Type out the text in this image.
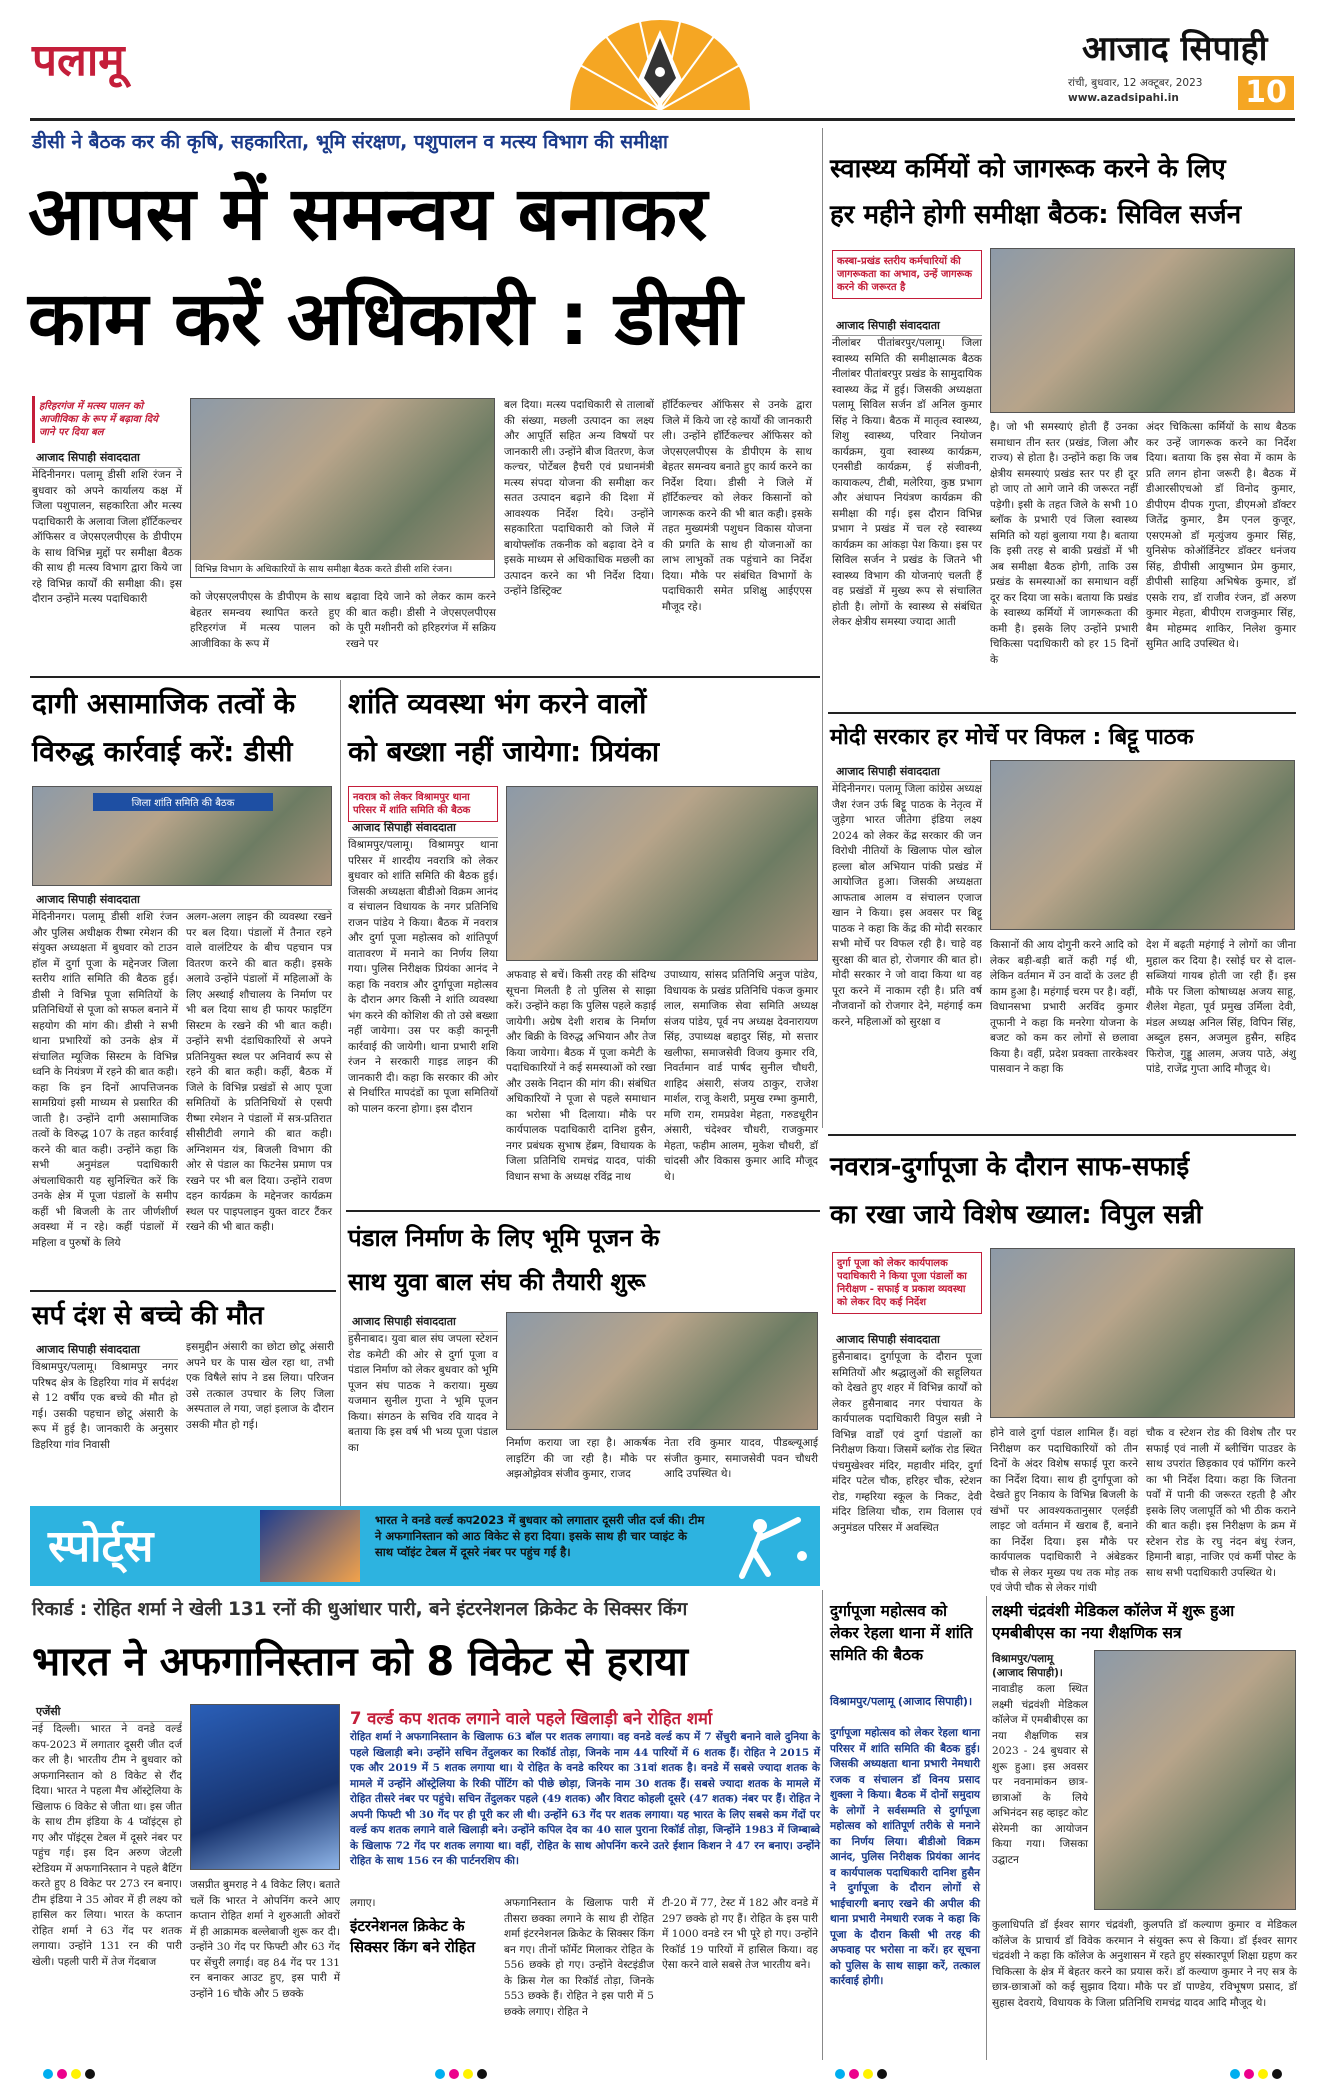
पलामू	आजाद सिपाही
रांची, बुधवार, 12 अक्टूबर, 2023
www.azadsipahi.in 10
डीसी ने बैठक कर की कृषि, सहकारिता, भूमि संरक्षण, पशुपालन व मत्स्य विभाग की समीक्षा
आपस में समन्वय बनाकर
काम करें अधिकारी : डीसी
हरिहरगंज में मत्स्य पालन को आजीविका के रूप में बढ़ावा दिये जाने पर दिया बल
आजाद सिपाही संवाददाता
मेदिनीनगर। पलामू डीसी शशि रंजन ने बुधवार को अपने कार्यालय कक्ष में जिला पशुपालन, सहकारिता और मत्स्य पदाधिकारी के अलावा जिला हॉर्टिकल्चर ऑफिसर व जेएसएलपीएस के डीपीएम के साथ विभिन्न मुद्दों पर समीक्षा बैठक की साथ ही मत्स्य विभाग द्वारा किये जा रहे विभिन्न कार्यों की समीक्षा की। इस दौरान उन्होंने मत्स्य पदाधिकारी
विभिन्न विभाग के अधिकारियों के साथ समीक्षा बैठक करते डीसी शशि रंजन।
को जेएसएलपीएस के डीपीएम के साथ बेहतर समन्वय स्थापित करते हुए हरिहरगंज में मत्स्य पालन को आजीविका के रूप में
बढ़ावा दिये जाने को लेकर काम करने की बात कही। डीसी ने जेएसएलपीएस के पूरी मशीनरी को हरिहरगंज में सक्रिय रखने पर
बल दिया। मत्स्य पदाधिकारी से तालाबों की संख्या, मछली उत्पादन का लक्ष्य और आपूर्ति सहित अन्य विषयों पर जानकारी ली। उन्होंने बीज वितरण, केज कल्चर, पोर्टेबल हैचरी एवं प्रधानमंत्री मत्स्य संपदा योजना की समीक्षा कर सतत उत्पादन बढ़ाने की दिशा में आवश्यक निर्देश दिये। उन्होंने सहकारिता पदाधिकारी को जिले में बायोफ्लॉक तकनीक को बढ़ावा देने व इसके माध्यम से अधिकाधिक मछली का उत्पादन करने का भी निर्देश दिया। उन्होंने डिस्ट्रिक्ट
हॉर्टिकल्चर ऑफिसर से उनके द्वारा जिले में किये जा रहे कार्यों की जानकारी ली। उन्होंने हॉर्टिकल्चर ऑफिसर को जेएसएलपीएस के डीपीएम के साथ बेहतर समन्वय बनाते हुए कार्य करने का निर्देश दिया। डीसी ने जिले में हॉर्टिकल्चर को लेकर किसानों को जागरूक करने की भी बात कही। इसके तहत मुख्यमंत्री पशुधन विकास योजना की प्रगति के साथ ही योजनाओं का लाभ लाभुकों तक पहुंचाने का निर्देश दिया। मौके पर संबंधित विभागों के पदाधिकारी समेत प्रशिक्षु आईएएस मौजूद रहे।
स्वास्थ्य कर्मियों को जागरूक करने के लिए
हर महीने होगी समीक्षा बैठक: सिविल सर्जन
कस्बा-प्रखंड स्तरीय कर्मचारियों की जागरूकता का अभाव, उन्हें जागरूक करने की जरूरत है
आजाद सिपाही संवाददाता
नीलांबर पीतांबरपुर/पलामू। जिला स्वास्थ्य समिति की समीक्षात्मक बैठक नीलांबर पीतांबरपुर प्रखंड के सामुदायिक स्वास्थ्य केंद्र में हुई। जिसकी अध्यक्षता पलामू सिविल सर्जन डॉ अनिल कुमार सिंह ने किया। बैठक में मातृत्व स्वास्थ्य, शिशु स्वास्थ्य, परिवार नियोजन कार्यक्रम, युवा स्वास्थ्य कार्यक्रम, एनसीडी कार्यक्रम, ई संजीवनी, कायाकल्प, टीबी, मलेरिया, कुष्ठ प्रभाग और अंधापन नियंत्रण कार्यक्रम की समीक्षा की गई। इस दौरान विभिन्न प्रभाग ने प्रखंड में चल रहे स्वास्थ्य कार्यक्रम का आंकड़ा पेश किया। इस पर सिविल सर्जन ने प्रखंड के जितने भी स्वास्थ्य विभाग की योजनाएं चलती हैं वह प्रखंडों में मुख्य रूप से संचालित होती है। लोगों के स्वास्थ्य से संबंधित लेकर क्षेत्रीय समस्या ज्यादा आती
है। जो भी समस्याएं होती हैं उनका समाधान तीन स्तर (प्रखंड, जिला और राज्य) से होता है। उन्होंने कहा कि जब क्षेत्रीय समस्याएं प्रखंड स्तर पर ही दूर हो जाए तो आगे जाने की जरूरत नहीं पड़ेगी। इसी के तहत जिले के सभी 10 ब्लॉक के प्रभारी एवं जिला स्वास्थ्य समिति को यहां बुलाया गया है। बताया कि इसी तरह से बाकी प्रखंडों में भी अब समीक्षा बैठक होगी, ताकि उस प्रखंड के समस्याओं का समाधान वहीं दूर कर दिया जा सके। बताया कि प्रखंड के स्वास्थ्य कर्मियों में जागरूकता की कमी है। इसके लिए उन्होंने प्रभारी चिकित्सा पदाधिकारी को हर 15 दिनों के
अंदर चिकित्सा कर्मियों के साथ बैठक कर उन्हें जागरूक करने का निर्देश दिया। बताया कि इस सेवा में काम के प्रति लगन होना जरूरी है। बैठक में डीआरसीएचओ डॉ विनोद कुमार, डीपीएम दीपक गुप्ता, डीएमओ डॉक्टर जितेंद्र कुमार, डैम एनल कुजूर, एसएमओ डॉ मृत्युंजय कुमार सिंह, युनिसेफ कोऑर्डिनेटर डॉक्टर धनंजय सिंह, डीपीसी आयुष्मान प्रेम कुमार, डीपीसी साहिया अभिषेक कुमार, डॉ एसके राय, डॉ राजीव रंजन, डॉ अरुण कुमार मेहता, बीपीएम राजकुमार सिंह, बैम मोहम्मद शाकिर, निलेश कुमार सुमित आदि उपस्थित थे।
मोदी सरकार हर मोर्चे पर विफल : बिट्टू पाठक
आजाद सिपाही संवाददाता
मेदिनीनगर। पलामू जिला कांग्रेस अध्यक्ष जैश रंजन उर्फ बिट्टू पाठक के नेतृत्व में जुड़ेगा भारत जीतेगा इंडिया लक्ष्य 2024 को लेकर केंद्र सरकार की जन विरोधी नीतियों के खिलाफ पोल खोल हल्ला बोल अभियान पांकी प्रखंड में आयोजित हुआ। जिसकी अध्यक्षता आफताब आलम व संचालन एजाज खान ने किया। इस अवसर पर बिट्टू पाठक ने कहा कि केंद्र की मोदी सरकार सभी मोर्चे पर विफल रही है। चाहे वह सुरक्षा की बात हो, रोजगार की बात हो। मोदी सरकार ने जो वादा किया था वह पूरा करने में नाकाम रही है। प्रति वर्ष नौजवानों को रोजगार देने, महंगाई कम करने, महिलाओं को सुरक्षा व
किसानों की आय दोगुनी करने आदि को लेकर बड़ी-बड़ी बातें कही गई थी, लेकिन वर्तमान में उन वादों के उलट ही काम हुआ है। महंगाई चरम पर है। वहीं, विधानसभा प्रभारी अरविंद कुमार तूफानी ने कहा कि मनरेगा योजना के बजट को कम कर लोगों से छलावा किया है। वहीं, प्रदेश प्रवक्ता तारकेश्वर पासवान ने कहा कि
देश में बढ़ती महंगाई ने लोगों का जीना मुहाल कर दिया है। रसोई घर से दाल-सब्जियां गायब होती जा रही हैं। इस मौके पर जिला कोषाध्यक्ष अजय साहू, शैलेश मेहता, पूर्व प्रमुख उर्मिला देवी, मंडल अध्यक्ष अनिल सिंह, विपिन सिंह, अब्दुल हसन, अजमुल हुसैन, सहिद फिरोज, गुड्डू आलम, अजय पाठे, अंशु पांडे, राजेंद्र गुप्ता आदि मौजूद थे।
नवरात्र-दुर्गापूजा के दौरान साफ-सफाई
का रखा जाये विशेष ख्याल: विपुल सन्नी
दुर्गा पूजा को लेकर कार्यपालक पदाधिकारी ने किया पूजा पंडालों का निरीक्षण - सफाई व प्रकाश व्यवस्था को लेकर दिए कई निर्देश
आजाद सिपाही संवाददाता
हुसैनाबाद। दुर्गापूजा के दौरान पूजा समितियों और श्रद्धालुओं की सहूलियत को देखते हुए शहर में विभिन्न कार्यों को लेकर हुसैनाबाद नगर पंचायत के कार्यपालक पदाधिकारी विपुल सन्नी ने विभिन्न वार्डों एवं दुर्गा पंडालों का निरीक्षण किया। जिसमें ब्लॉक रोड स्थित पंचमुखेश्वर मंदिर, महावीर मंदिर, दुर्गा मंदिर पटेल चौक, हरिहर चौक, स्टेशन रोड, गम्हरिया स्कूल के निकट, देवी मंदिर डिलिया चौक, राम विलास एवं अनुमंडल परिसर में अवस्थित
होने वाले दुर्गा पंडाल शामिल हैं। वहां निरीक्षण कर पदाधिकारियों को तीन दिनों के अंदर विशेष सफाई पूरा करने का निर्देश दिया। साथ ही दुर्गापूजा को देखते हुए निकाय के विभिन्न बिजली के खंभों पर आवश्यकतानुसार एलईडी लाइट जो वर्तमान में खराब हैं, बनाने का निर्देश दिया। इस मौके पर कार्यपालक पदाधिकारी ने अंबेडकर चौक से लेकर मुख्य पथ तक मोड़ तक एवं जेपी चौक से लेकर गांधी
चौक व स्टेशन रोड की विशेष तौर पर सफाई एवं नाली में ब्लीचिंग पाउडर के साथ उपरांत छिड़काव एवं फॉगिंग करने का भी निर्देश दिया। कहा कि जितना पर्वों में पानी की जरूरत रहती है और इसके लिए जलापूर्ति को भी ठीक कराने की बात कही। इस निरीक्षण के क्रम में स्टेशन रोड के रघु नंदन बंधु रंजन, हिमानी बाड़ा, नाजिर एवं कर्मी पोस्ट के साथ सभी पदाधिकारी उपस्थित थे।
दागी असामाजिक तत्वों के
विरुद्ध कार्रवाई करें: डीसी
जिला शांति समिति की बैठक
आजाद सिपाही संवाददाता
मेदिनीनगर। पलामू डीसी शशि रंजन और पुलिस अधीक्षक रीष्मा रमेशन की संयुक्त अध्यक्षता में बुधवार को टाउन हॉल में दुर्गा पूजा के मद्देनजर जिला स्तरीय शांति समिति की बैठक हुई। डीसी ने विभिन्न पूजा समितियों के प्रतिनिधियों से पूजा को सफल बनाने में सहयोग की मांग की। डीसी ने सभी थाना प्रभारियों को उनके क्षेत्र में संचालित म्यूजिक सिस्टम के विभिन्न ध्वनि के नियंत्रण में रहने की बात कही। कहा कि इन दिनों आपत्तिजनक सामग्रियां इसी माध्यम से प्रसारित की जाती है। उन्होंने दागी असामाजिक तत्वों के विरुद्ध 107 के तहत कार्रवाई करने की बात कही। उन्होंने कहा कि सभी अनुमंडल पदाधिकारी अंचलाधिकारी यह सुनिश्चित करें कि उनके क्षेत्र में पूजा पंडालों के समीप कहीं भी बिजली के तार जीर्णशीर्ण अवस्था में न रहे। कहीं पंडालों में महिला व पुरुषों के लिये
अलग-अलग लाइन की व्यवस्था रखने पर बल दिया। पंडालों में तैनात रहने वाले वालंटियर के बीच पहचान पत्र वितरण करने की बात कही। इसके अलावे उन्होंने पंडालों में महिलाओं के लिए अस्थाई शौचालय के निर्माण पर भी बल दिया साथ ही फायर फाइटिंग सिस्टम के रखने की भी बात कही। उन्होंने सभी दंडाधिकारियों से अपने प्रतिनियुक्त स्थल पर अनिवार्य रूप से रहने की बात कही। कहीं, बैठक में जिले के विभिन्न प्रखंडों से आए पूजा समितियों के प्रतिनिधियों से एसपी रीष्मा रमेशन ने पंडालों में सत्र-प्रतिरात सीसीटीवी लगाने की बात कही। अग्निशमन यंत्र, बिजली विभाग की ओर से पंडाल का फिटनेस प्रमाण पत्र रखने पर भी बल दिया। उन्होंने रावण दहन कार्यक्रम के मद्देनजर कार्यक्रम स्थल पर पाइपलाइन युक्त वाटर टैंकर रखने की भी बात कही।
शांति व्यवस्था भंग करने वालों
को बख्शा नहीं जायेगा: प्रियंका
नवरात्र को लेकर विश्रामपुर थाना परिसर में शांति समिति की बैठक
आजाद सिपाही संवाददाता
विश्रामपुर/पलामू। विश्रामपुर थाना परिसर में शारदीय नवरात्रि को लेकर बुधवार को शांति समिति की बैठक हुई। जिसकी अध्यक्षता बीडीओ विक्रम आनंद व संचालन विधायक के नगर प्रतिनिधि राजन पांडेय ने किया। बैठक में नवरात्र और दुर्गा पूजा महोत्सव को शांतिपूर्ण वातावरण में मनाने का निर्णय लिया गया। पुलिस निरीक्षक प्रियंका आनंद ने कहा कि नवरात्र और दुर्गापूजा महोत्सव के दौरान अगर किसी ने शांति व्यवस्था भंग करने की कोशिश की तो उसे बख्शा नहीं जायेगा। उस पर कड़ी कानूनी कार्रवाई की जायेगी। थाना प्रभारी शशि रंजन ने सरकारी गाइड लाइन की जानकारी दी। कहा कि सरकार की ओर से निर्धारित मापदंडों का पूजा समितियों को पालन करना होगा। इस दौरान
अफवाह से बचें। किसी तरह की संदिग्ध सूचना मिलती है तो पुलिस से साझा करें। उन्होंने कहा कि पुलिस पहले कड़ाई जायेगी। अग्रेष देशी शराब के निर्माण और बिक्री के विरुद्ध अभियान और तेज किया जायेगा। बैठक में पूजा कमेटी के पदाधिकारियों ने कई समस्याओं को रखा और उसके निदान की मांग की। संबंधित अधिकारियों ने पूजा से पहले समाधान का भरोसा भी दिलाया। मौके पर कार्यपालक पदाधिकारी दानिश हुसैन, नगर प्रबंधक सुभाष हेंब्रम, विधायक के जिला प्रतिनिधि रामचंद्र यादव, पांकी विधान सभा के अध्यक्ष रविंद्र नाथ
उपाध्याय, सांसद प्रतिनिधि अनुज पांडेय, विधायक के प्रखंड प्रतिनिधि पंकज कुमार लाल, समाजिक सेवा समिति अध्यक्ष संजय पांडेय, पूर्व नप अध्यक्ष देवनारायण सिंह, उपाध्यक्ष बहादुर सिंह, मो सत्तार खलीफा, समाजसेवी विजय कुमार रवि, निवर्तमान वार्ड पार्षद सुनील चौधरी, शाहिद अंसारी, संजय ठाकुर, राजेश मार्शल, राजू केशरी, प्रमुख रम्भा कुमारी, मणि राम, रामप्रवेश मेहता, गरुडधूरीन अंसारी, चंदेश्वर चौधरी, राजकुमार मेहता, फहीम आलम, मुकेश चौधरी, डॉ चांदसी और विकास कुमार आदि मौजूद थे।
पंडाल निर्माण के लिए भूमि पूजन के
साथ युवा बाल संघ की तैयारी शुरू
आजाद सिपाही संवाददाता
हुसैनाबाद। युवा बाल संघ जपला स्टेशन रोड कमेटी की ओर से दुर्गा पूजा व पंडाल निर्माण को लेकर बुधवार को भूमि पूजन संघ पाठक ने कराया। मुख्य यजमान सुनील गुप्ता ने भूमि पूजन किया। संगठन के सचिव रवि यादव ने बताया कि इस वर्ष भी भव्य पूजा पंडाल का	निर्माण कराया जा रहा है। आकर्षक लाइटिंग की जा रही है। मौके पर अझओझ़ेवत्र संजीव कुमार, राजद
नेता रवि कुमार यादव, पीडब्ल्यूआई संजीत कुमार, समाजसेवी पवन चौधरी आदि उपस्थित थे।
सर्प दंश से बच्चे की मौत
आजाद सिपाही संवाददाता
विश्रामपुर/पलामू। विश्रामपुर नगर परिषद क्षेत्र के डिहरिया गांव में सर्पदंश से 12 वर्षीय एक बच्चे की मौत हो गई। उसकी पहचान छोटू अंसारी के रूप में हुई है। जानकारी के अनुसार डिहरिया गांव निवासी
इसमुद्दीन अंसारी का छोटा छोटू अंसारी अपने घर के पास खेल रहा था, तभी एक विषैले सांप ने डस लिया। परिजन उसे तत्काल उपचार के लिए जिला अस्पताल ले गया, जहां इलाज के दौरान उसकी मौत हो गई।
स्पोर्ट्स
भारत ने वनडे वर्ल्ड कप2023 में बुधवार को लगातार दूसरी जीत दर्ज की। टीम ने अफगानिस्तान को आठ विकेट से हरा दिया। इसके साथ ही चार प्वाइंट के साथ प्वॉइंट टेबल में दूसरे नंबर पर पहुंच गई है।
रिकार्ड : रोहित शर्मा ने खेली 131 रनों की धुआंधार पारी, बने इंटरनेशनल क्रिकेट के सिक्सर किंग
भारत ने अफगानिस्तान को 8 विकेट से हराया
एजेंसी
नई दिल्ली। भारत ने वनडे वर्ल्ड कप-2023 में लगातार दूसरी जीत दर्ज कर ली है। भारतीय टीम ने बुधवार को अफगानिस्तान को 8 विकेट से रौंद दिया। भारत ने पहला मैच ऑस्ट्रेलिया के खिलाफ 6 विकेट से जीता था। इस जीत के साथ टीम इंडिया के 4 प्वॉइंट्स हो गए और पॉइंट्स टेबल में दूसरे नंबर पर पहुंच गई। इस दिन अरुण जेटली स्टेडियम में अफगानिस्तान ने पहले बैटिंग करते हुए 8 विकेट पर 273 रन बनाए। टीम इंडिया ने 35 ओवर में ही लक्ष्य को हासिल कर लिया। भारत के कप्तान रोहित शर्मा ने 63 गेंद पर शतक लगाया। उन्होंने 131 रन की पारी खेली। पहली पारी में तेज गेंदबाज
जसप्रीत बुमराह ने 4 विकेट लिए। बताते चलें कि भारत ने ओपनिंग करने आए कप्तान रोहित शर्मा ने शुरुआती ओवरों में ही आक्रामक बल्लेबाजी शुरू कर दी। उन्होंने 30 गेंद पर फिफ्टी और 63 गेंद पर सेंचुरी लगाई। वह 84 गेंद पर 131 रन बनाकर आउट हुए, इस पारी में उन्होंने 16 चौके और 5 छक्के
7 वर्ल्ड कप शतक लगाने वाले पहले खिलाड़ी बने रोहित शर्मा
रोहित शर्मा ने अफगानिस्तान के खिलाफ 63 बॉल पर शतक लगाया। वह वनडे वर्ल्ड कप में 7 सेंचुरी बनाने वाले दुनिया के पहले खिलाड़ी बने। उन्होंने सचिन तेंदुलकर का रिकॉर्ड तोड़ा, जिनके नाम 44 पारियों में 6 शतक हैं। रोहित ने 2015 में एक और 2019 में 5 शतक लगाया था। ये रोहित के वनडे करियर का 31वां शतक है। वनडे में सबसे ज्यादा शतक के मामले में उन्होंने ऑस्ट्रेलिया के रिकी पोंटिंग को पीछे छोड़ा, जिनके नाम 30 शतक हैं। सबसे ज्यादा शतक के मामले में रोहित तीसरे नंबर पर पहुंचे। सचिन तेंदुलकर पहले (49 शतक) और विराट कोहली दूसरे (47 शतक) नंबर पर हैं। रोहित ने अपनी फिफ्टी भी 30 गेंद पर ही पूरी कर ली थी। उन्होंने 63 गेंद पर शतक लगाया। यह भारत के लिए सबसे कम गेंदों पर वर्ल्ड कप शतक लगाने वाले खिलाड़ी बने। उन्होंने कपिल देव का 40 साल पुराना रिकॉर्ड तोड़ा, जिन्होंने 1983 में जिम्बाब्वे के खिलाफ 72 गेंद पर शतक लगाया था। वहीं, रोहित के साथ ओपनिंग करने उतरे ईशान किशन ने 47 रन बनाए। उन्होंने रोहित के साथ 156 रन की पार्टनरशिप की।
लगाए।
इंटरनेशनल क्रिकेट के सिक्सर किंग बने रोहित
अफगानिस्तान के खिलाफ पारी में तीसरा छक्का लगाने के साथ ही रोहित शर्मा इंटरनेशनल क्रिकेट के सिक्सर किंग बन गए। तीनों फॉर्मेट मिलाकर रोहित के 556 छक्के हो गए। उन्होंने वेस्टइंडीज के क्रिस गेल का रिकॉर्ड तोड़ा, जिनके 553 छक्के हैं। रोहित ने इस पारी में 5 छक्के लगाए। रोहित ने
टी-20 में 77, टेस्ट में 182 और वनडे में 297 छक्के हो गए हैं। रोहित के इस पारी में 1000 वनडे रन भी पूरे हो गए। उन्होंने रिकॉर्ड 19 पारियों में हासिल किया। वह ऐसा करने वाले सबसे तेज भारतीय बने।
दुर्गापूजा महोत्सव को लेकर रेहला थाना में शांति समिति की बैठक
विश्रामपुर/पलामू (आजाद सिपाही)।
दुर्गापूजा महोत्सव को लेकर रेहला थाना परिसर में शांति समिति की बैठक हुई। जिसकी अध्यक्षता थाना प्रभारी नेमधारी रजक व संचालन डॉ विनय प्रसाद शुक्ला ने किया। बैठक में दोनों समुदाय के लोगों ने सर्वसम्मति से दुर्गापूजा महोत्सव को शांतिपूर्ण तरीके से मनाने का निर्णय लिया। बीडीओ विक्रम आनंद, पुलिस निरीक्षक प्रियंका आनंद व कार्यपालक पदाधिकारी दानिश हुसैन ने दुर्गापूजा के दौरान लोगों से भाईचारगी बनाए रखने की अपील की थाना प्रभारी नेमधारी रजक ने कहा कि पूजा के दौरान किसी भी तरह की अफवाह पर भरोसा ना करें। हर सूचना को पुलिस के साथ साझा करें, तत्काल कार्रवाई होगी।
लक्ष्मी चंद्रवंशी मेडिकल कॉलेज में शुरू हुआ एमबीबीएस का नया शैक्षणिक सत्र
विश्रामपुर/पलामू (आजाद सिपाही)।
नावाडीह कला स्थित लक्ष्मी चंद्रवंशी मेडिकल कॉलेज में एमबीबीएस का नया शैक्षणिक सत्र 2023 - 24 बुधवार से शुरू हुआ। इस अवसर पर नवनामांकन छात्र-छात्राओं के लिये अभिनंदन सह व्हाइट कोट सेरेमनी का आयोजन किया गया। जिसका उद्घाटन
कुलाधिपति डॉ ईश्वर सागर चंद्रवंशी, कुलपति डॉ कल्याण कुमार व मेडिकल कॉलेज के प्राचार्य डॉ विवेक करमान ने संयुक्त रूप से किया। डॉ ईश्वर सागर चंद्रवंशी ने कहा कि कॉलेज के अनुशासन में रहते हुए संस्कारपूर्ण शिक्षा ग्रहण कर चिकित्सा के क्षेत्र में बेहतर करने का प्रयास करें। डॉ कल्याण कुमार ने नए सत्र के छात्र-छात्राओं को कई सुझाव दिया। मौके पर डॉ पाण्डेय, रविभूषण प्रसाद, डॉ सुहास देवराये, विधायक के जिला प्रतिनिधि रामचंद्र यादव आदि मौजूद थे।
